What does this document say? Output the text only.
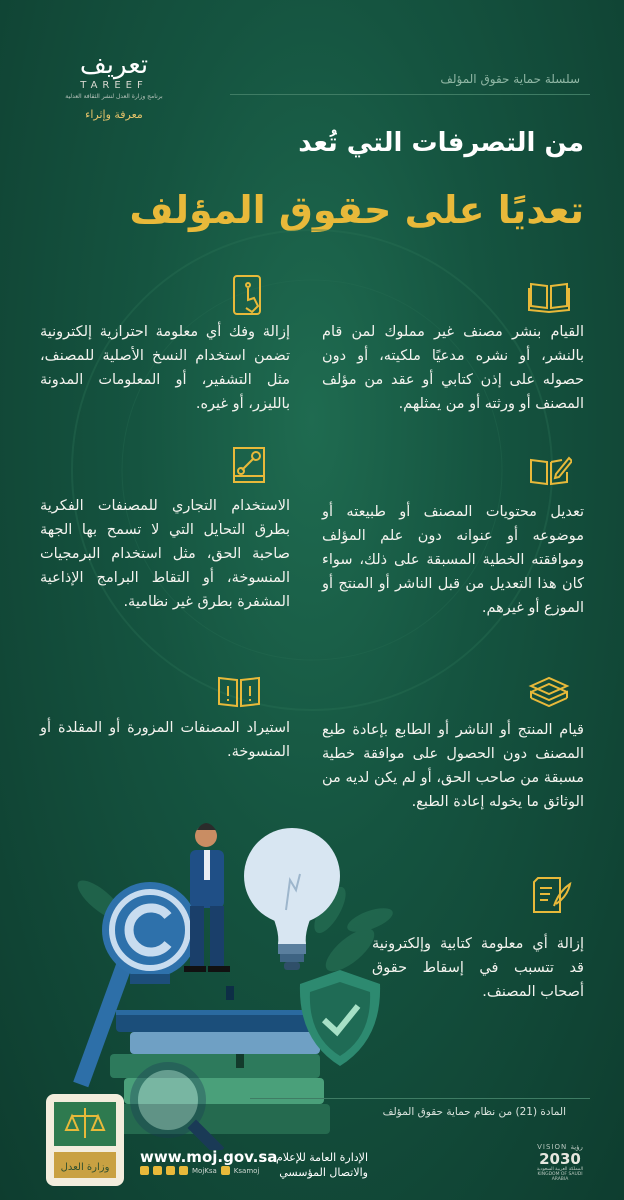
تعريف
TAREEF
برنامج وزارة العدل لنشر الثقافة العدلية
معرفة وإثراء
سلسلة حماية حقوق المؤلف
من التصرفات التي تُعد
تعديًا على حقوق المؤلف
القيام بنشر مصنف غير مملوك لمن قام بالنشر، أو نشره مدعيًا ملكيته، أو دون حصوله على إذن كتابي أو عقد من مؤلف المصنف أو ورثته أو من يمثلهم.
تعديل محتويات المصنف أو طبيعته أو موضوعه أو عنوانه دون علم المؤلف وموافقته الخطية المسبقة على ذلك، سواء كان هذا التعديل من قبل الناشر أو المنتج أو الموزع أو غيرهم.
قيام المنتج أو الناشر أو الطابع بإعادة طبع المصنف دون الحصول على موافقة خطية مسبقة من صاحب الحق، أو لم يكن لديه من الوثائق ما يخوله إعادة الطبع.
إزالة أي معلومة كتابية وإلكترونية قد تتسبب في إسقاط حقوق أصحاب المصنف.
إزالة وفك أي معلومة احترازية إلكترونية تضمن استخدام النسخ الأصلية للمصنف، مثل التشفير، أو المعلومات المدونة بالليزر، أو غيره.
الاستخدام التجاري للمصنفات الفكرية بطرق التحايل التي لا تسمح بها الجهة صاحبة الحق، مثل استخدام البرمجيات المنسوخة، أو التقاط البرامج الإذاعية المشفرة بطرق غير نظامية.
استيراد المصنفات المزورة أو المقلدة أو المنسوخة.
المادة (21) من نظام حماية حقوق المؤلف
وزارة العدل
www.moj.gov.sa
MojKsa Ksamoj
الإدارة العامة للإعلام
والاتصال المؤسسي
VISION رؤية
2030
المملكة العربية السعودية KINGDOM OF SAUDI ARABIA
